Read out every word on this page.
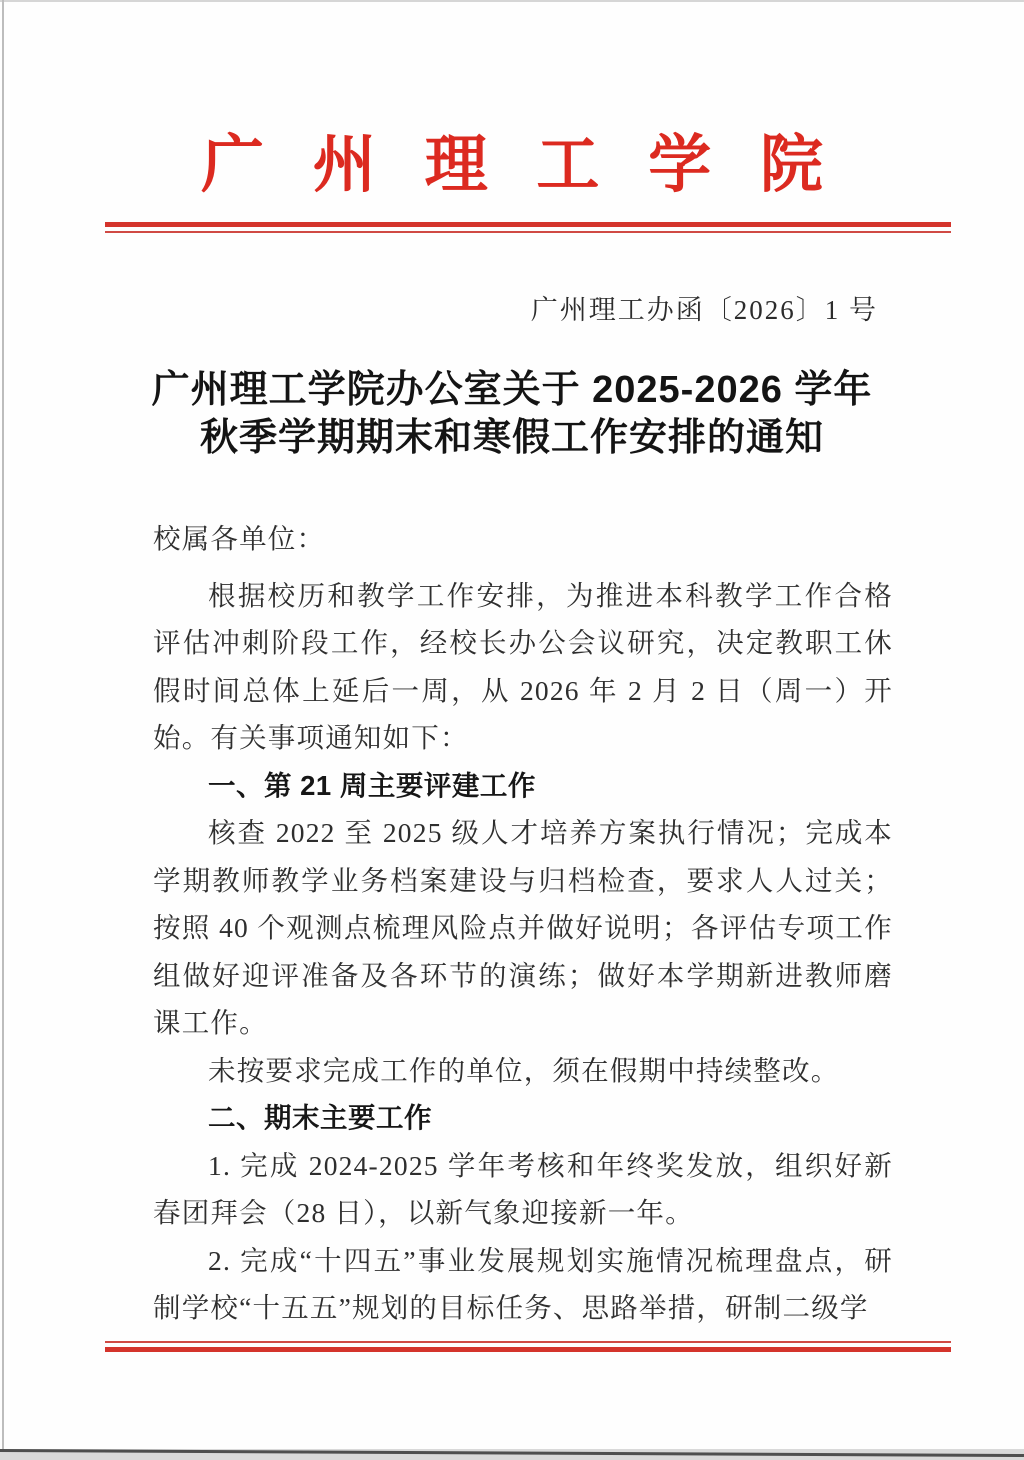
广 州 理 工 学 院

广州理工办函〔2026〕1 号

广州理工学院办公室关于 2025-2026 学年
秋季学期期末和寒假工作安排的通知

校属各单位：

根据校历和教学工作安排，为推进本科教学工作合格评估冲刺阶段工作，经校长办公会议研究，决定教职工休假时间总体上延后一周，从 2026 年 2 月 2 日（周一）开始。有关事项通知如下：

一、第 21 周主要评建工作

核查 2022 至 2025 级人才培养方案执行情况；完成本学期教师教学业务档案建设与归档检查，要求人人过关；按照 40 个观测点梳理风险点并做好说明；各评估专项工作组做好迎评准备及各环节的演练；做好本学期新进教师磨课工作。

未按要求完成工作的单位，须在假期中持续整改。

二、期末主要工作

1. 完成 2024-2025 学年考核和年终奖发放，组织好新春团拜会（28 日），以新气象迎接新一年。

2. 完成“十四五”事业发展规划实施情况梳理盘点，研制学校“十五五”规划的目标任务、思路举措，研制二级学
